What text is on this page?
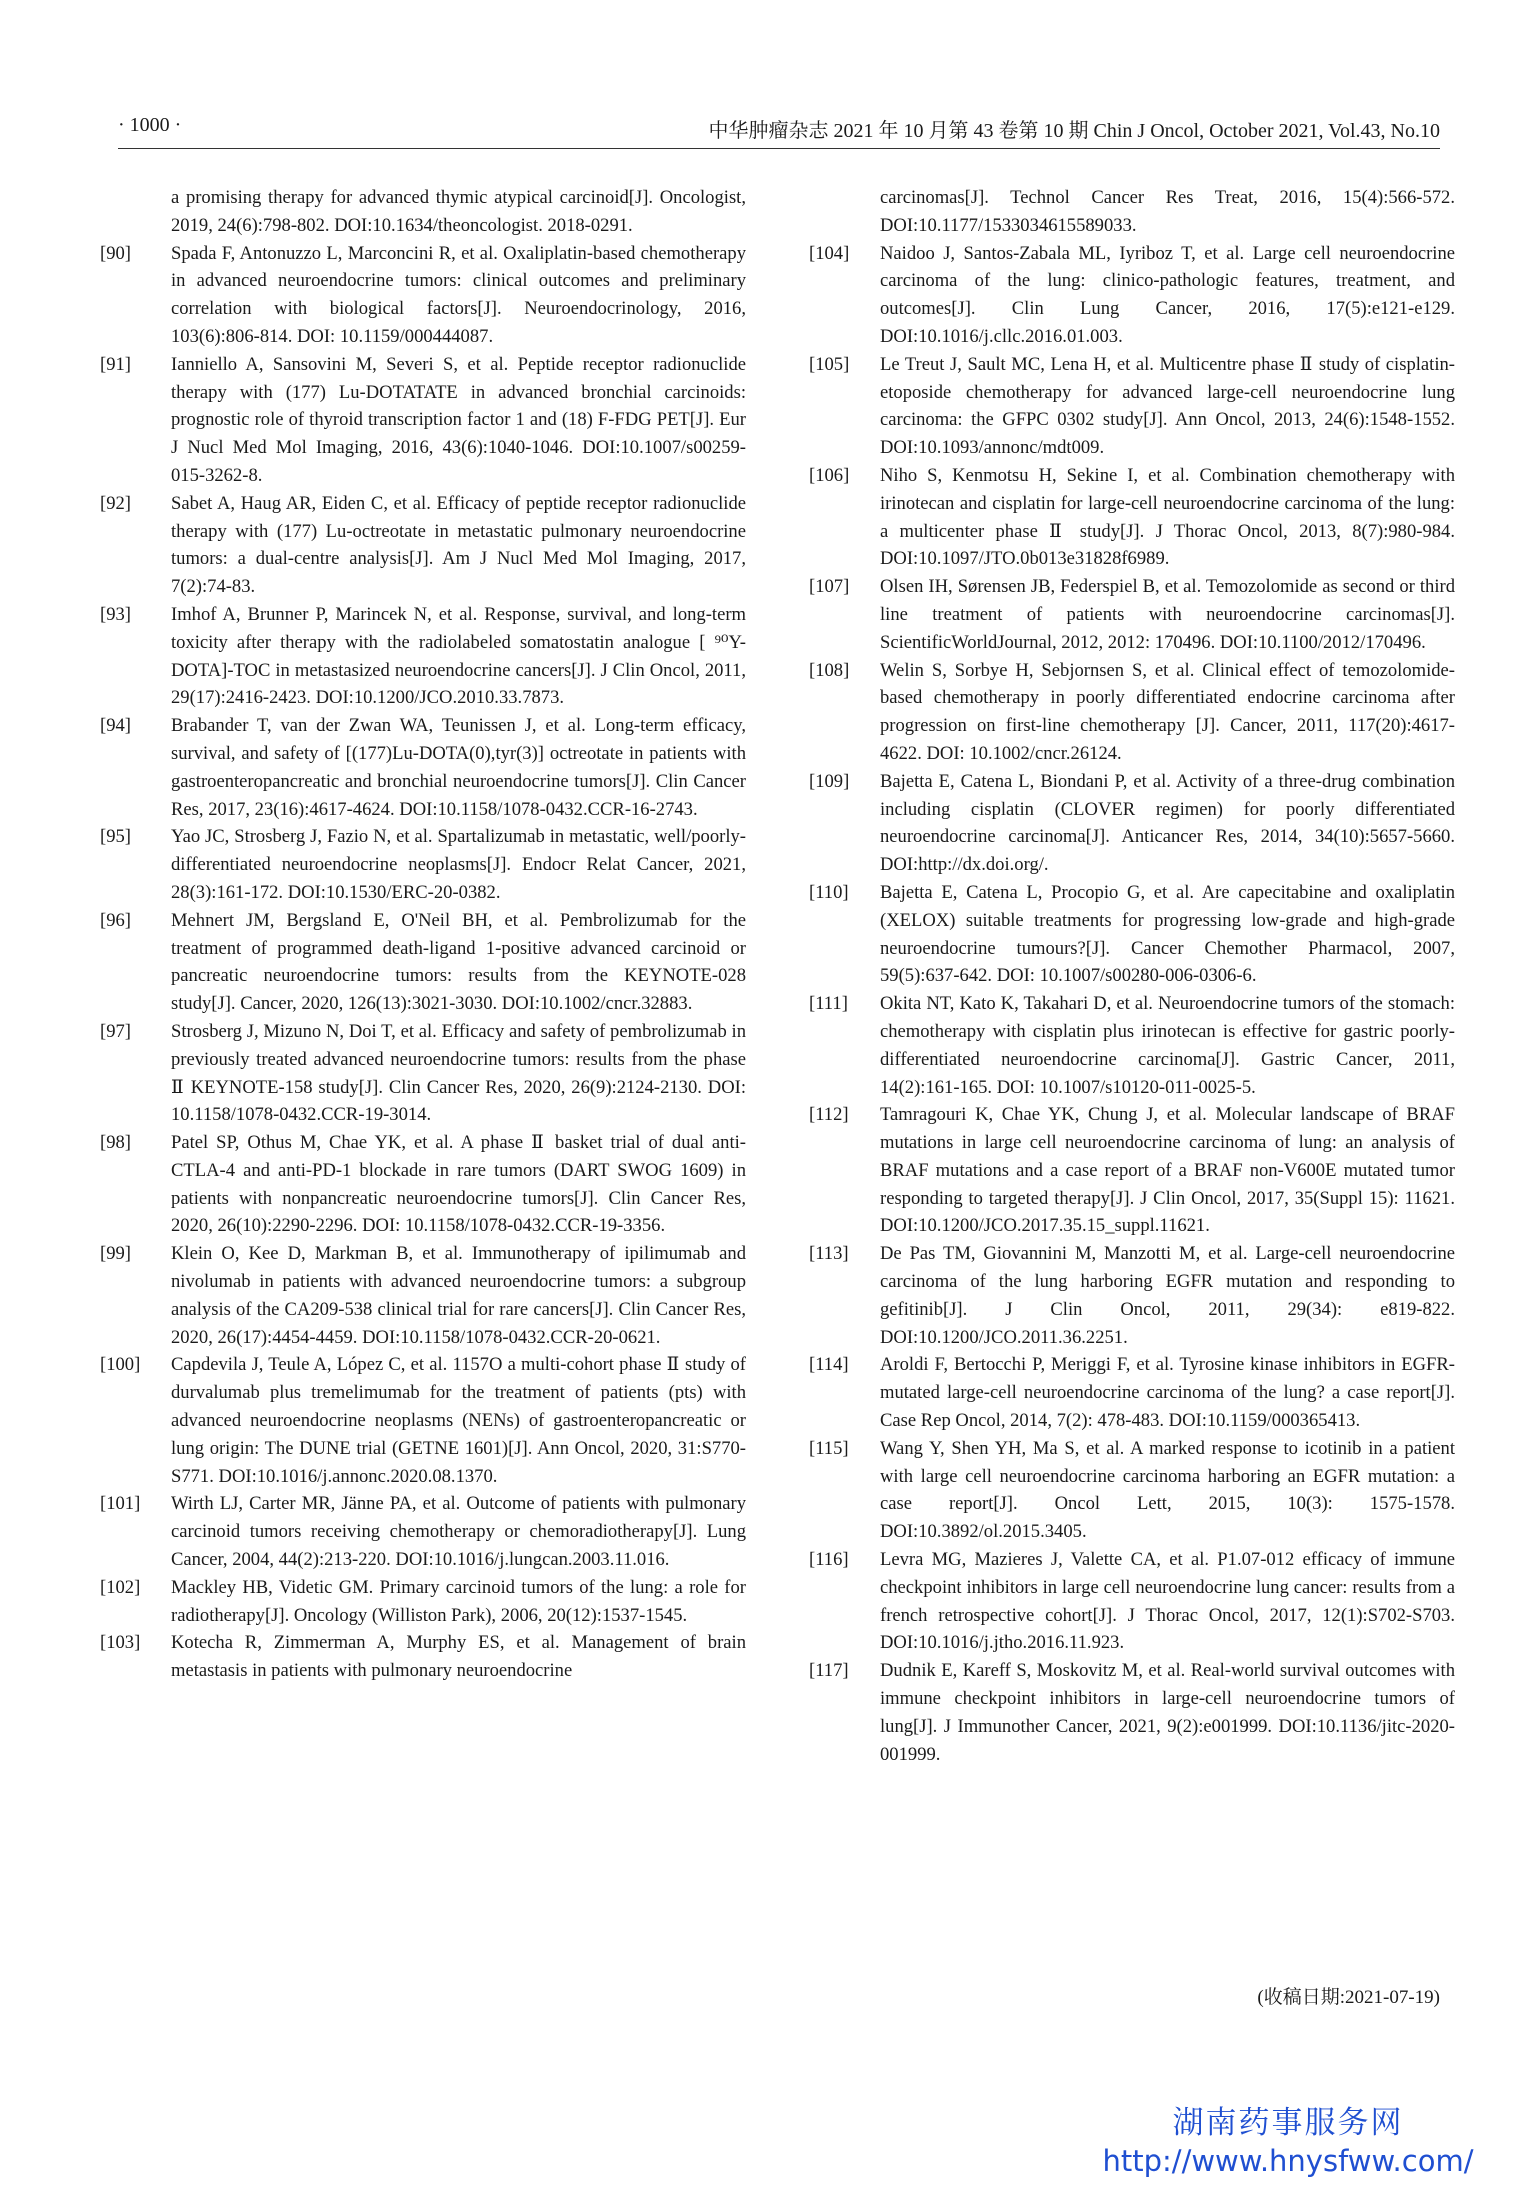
· 1000 ·	中华肿瘤杂志 2021 年 10 月第 43 卷第 10 期 Chin J Oncol, October 2021, Vol.43, No.10

a promising therapy for advanced thymic atypical carcinoid[J]. Oncologist, 2019, 24(6):798-802. DOI:10.1634/theoncologist. 2018-0291.

[90]	Spada F, Antonuzzo L, Marconcini R, et al. Oxaliplatin-based chemotherapy in advanced neuroendocrine tumors: clinical outcomes and preliminary correlation with biological factors[J]. Neuroendocrinology, 2016, 103(6):806-814. DOI: 10.1159/000444087.

[91]	Ianniello A, Sansovini M, Severi S, et al. Peptide receptor radionuclide therapy with (177) Lu-DOTATATE in advanced bronchial carcinoids: prognostic role of thyroid transcription factor 1 and (18) F-FDG PET[J]. Eur J Nucl Med Mol Imaging, 2016, 43(6):1040-1046. DOI:10.1007/s00259-015-3262-8.

[92]	Sabet A, Haug AR, Eiden C, et al. Efficacy of peptide receptor radionuclide therapy with (177) Lu-octreotate in metastatic pulmonary neuroendocrine tumors: a dual-centre analysis[J]. Am J Nucl Med Mol Imaging, 2017, 7(2):74-83.

[93]	Imhof A, Brunner P, Marincek N, et al. Response, survival, and long-term toxicity after therapy with the radiolabeled somatostatin analogue [ ⁹⁰Y-DOTA]-TOC in metastasized neuroendocrine cancers[J]. J Clin Oncol, 2011, 29(17):2416-2423. DOI:10.1200/JCO.2010.33.7873.

[94]	Brabander T, van der Zwan WA, Teunissen J, et al. Long-term efficacy, survival, and safety of [(177)Lu-DOTA(0),tyr(3)] octreotate in patients with gastroenteropancreatic and bronchial neuroendocrine tumors[J]. Clin Cancer Res, 2017, 23(16):4617-4624. DOI:10.1158/1078-0432.CCR-16-2743.

[95]	Yao JC, Strosberg J, Fazio N, et al. Spartalizumab in metastatic, well/poorly-differentiated neuroendocrine neoplasms[J]. Endocr Relat Cancer, 2021, 28(3):161-172. DOI:10.1530/ERC-20-0382.

[96]	Mehnert JM, Bergsland E, O'Neil BH, et al. Pembrolizumab for the treatment of programmed death-ligand 1-positive advanced carcinoid or pancreatic neuroendocrine tumors: results from the KEYNOTE-028 study[J]. Cancer, 2020, 126(13):3021-3030. DOI:10.1002/cncr.32883.

[97]	Strosberg J, Mizuno N, Doi T, et al. Efficacy and safety of pembrolizumab in previously treated advanced neuroendocrine tumors: results from the phase Ⅱ KEYNOTE-158 study[J]. Clin Cancer Res, 2020, 26(9):2124-2130. DOI: 10.1158/1078-0432.CCR-19-3014.

[98]	Patel SP, Othus M, Chae YK, et al. A phase Ⅱ basket trial of dual anti-CTLA-4 and anti-PD-1 blockade in rare tumors (DART SWOG 1609) in patients with nonpancreatic neuroendocrine tumors[J]. Clin Cancer Res, 2020, 26(10):2290-2296. DOI: 10.1158/1078-0432.CCR-19-3356.

[99]	Klein O, Kee D, Markman B, et al. Immunotherapy of ipilimumab and nivolumab in patients with advanced neuroendocrine tumors: a subgroup analysis of the CA209-538 clinical trial for rare cancers[J]. Clin Cancer Res, 2020, 26(17):4454-4459. DOI:10.1158/1078-0432.CCR-20-0621.

[100]	Capdevila J, Teule A, López C, et al. 1157O a multi-cohort phase Ⅱ study of durvalumab plus tremelimumab for the treatment of patients (pts) with advanced neuroendocrine neoplasms (NENs) of gastroenteropancreatic or lung origin: The DUNE trial (GETNE 1601)[J]. Ann Oncol, 2020, 31:S770-S771. DOI:10.1016/j.annonc.2020.08.1370.

[101]	Wirth LJ, Carter MR, Jänne PA, et al. Outcome of patients with pulmonary carcinoid tumors receiving chemotherapy or chemoradiotherapy[J]. Lung Cancer, 2004, 44(2):213-220. DOI:10.1016/j.lungcan.2003.11.016.

[102]	Mackley HB, Videtic GM. Primary carcinoid tumors of the lung: a role for radiotherapy[J]. Oncology (Williston Park), 2006, 20(12):1537-1545.

[103]	Kotecha R, Zimmerman A, Murphy ES, et al. Management of brain metastasis in patients with pulmonary neuroendocrine

carcinomas[J]. Technol Cancer Res Treat, 2016, 15(4):566-572. DOI:10.1177/1533034615589033.

[104]	Naidoo J, Santos-Zabala ML, Iyriboz T, et al. Large cell neuroendocrine carcinoma of the lung: clinico-pathologic features, treatment, and outcomes[J]. Clin Lung Cancer, 2016, 17(5):e121-e129. DOI:10.1016/j.cllc.2016.01.003.

[105]	Le Treut J, Sault MC, Lena H, et al. Multicentre phase Ⅱ study of cisplatin-etoposide chemotherapy for advanced large-cell neuroendocrine lung carcinoma: the GFPC 0302 study[J]. Ann Oncol, 2013, 24(6):1548-1552. DOI:10.1093/annonc/mdt009.

[106]	Niho S, Kenmotsu H, Sekine I, et al. Combination chemotherapy with irinotecan and cisplatin for large-cell neuroendocrine carcinoma of the lung: a multicenter phase Ⅱ study[J]. J Thorac Oncol, 2013, 8(7):980-984. DOI:10.1097/JTO.0b013e31828f6989.

[107]	Olsen IH, Sørensen JB, Federspiel B, et al. Temozolomide as second or third line treatment of patients with neuroendocrine carcinomas[J]. ScientificWorldJournal, 2012, 2012: 170496. DOI:10.1100/2012/170496.

[108]	Welin S, Sorbye H, Sebjornsen S, et al. Clinical effect of temozolomide-based chemotherapy in poorly differentiated endocrine carcinoma after progression on first-line chemotherapy [J]. Cancer, 2011, 117(20):4617-4622. DOI: 10.1002/cncr.26124.

[109]	Bajetta E, Catena L, Biondani P, et al. Activity of a three-drug combination including cisplatin (CLOVER regimen) for poorly differentiated neuroendocrine carcinoma[J]. Anticancer Res, 2014, 34(10):5657-5660. DOI:http://dx.doi.org/.

[110]	Bajetta E, Catena L, Procopio G, et al. Are capecitabine and oxaliplatin (XELOX) suitable treatments for progressing low-grade and high-grade neuroendocrine tumours?[J]. Cancer Chemother Pharmacol, 2007, 59(5):637-642. DOI: 10.1007/s00280-006-0306-6.

[111]	Okita NT, Kato K, Takahari D, et al. Neuroendocrine tumors of the stomach: chemotherapy with cisplatin plus irinotecan is effective for gastric poorly-differentiated neuroendocrine carcinoma[J]. Gastric Cancer, 2011, 14(2):161-165. DOI: 10.1007/s10120-011-0025-5.

[112]	Tamragouri K, Chae YK, Chung J, et al. Molecular landscape of BRAF mutations in large cell neuroendocrine carcinoma of lung: an analysis of BRAF mutations and a case report of a BRAF non-V600E mutated tumor responding to targeted therapy[J]. J Clin Oncol, 2017, 35(Suppl 15): 11621. DOI:10.1200/JCO.2017.35.15_suppl.11621.

[113]	De Pas TM, Giovannini M, Manzotti M, et al. Large-cell neuroendocrine carcinoma of the lung harboring EGFR mutation and responding to gefitinib[J]. J Clin Oncol, 2011, 29(34): e819-822. DOI:10.1200/JCO.2011.36.2251.

[114]	Aroldi F, Bertocchi P, Meriggi F, et al. Tyrosine kinase inhibitors in EGFR-mutated large-cell neuroendocrine carcinoma of the lung? a case report[J]. Case Rep Oncol, 2014, 7(2): 478-483. DOI:10.1159/000365413.

[115]	Wang Y, Shen YH, Ma S, et al. A marked response to icotinib in a patient with large cell neuroendocrine carcinoma harboring an EGFR mutation: a case report[J]. Oncol Lett, 2015, 10(3): 1575-1578. DOI:10.3892/ol.2015.3405.

[116]	Levra MG, Mazieres J, Valette CA, et al. P1.07-012 efficacy of immune checkpoint inhibitors in large cell neuroendocrine lung cancer: results from a french retrospective cohort[J]. J Thorac Oncol, 2017, 12(1):S702-S703. DOI:10.1016/j.jtho.2016.11.923.

[117]	Dudnik E, Kareff S, Moskovitz M, et al. Real-world survival outcomes with immune checkpoint inhibitors in large-cell neuroendocrine tumors of lung[J]. J Immunother Cancer, 2021, 9(2):e001999. DOI:10.1136/jitc-2020-001999.

(收稿日期:2021-07-19)
湖南药事服务网
http://www.hnysfww.com/
